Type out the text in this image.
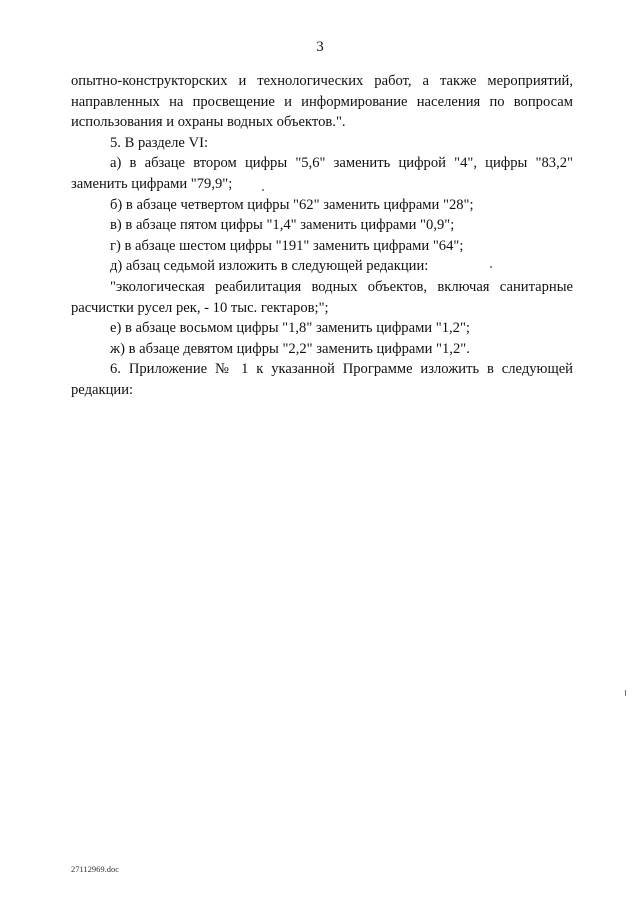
3
опытно-конструкторских и технологических работ, а также мероприятий,
направленных на просвещение и информирование населения по вопросам
использования и охраны водных объектов.".
5. В разделе VI:
а) в абзаце втором цифры "5,6" заменить цифрой "4", цифры "83,2"
заменить цифрами "79,9";
б) в абзаце четвертом цифры "62" заменить цифрами "28";
в) в абзаце пятом цифры "1,4" заменить цифрами "0,9";
г) в абзаце шестом цифры "191" заменить цифрами "64";
д) абзац седьмой изложить в следующей редакции:
"экологическая реабилитация водных объектов, включая санитарные
расчистки русел рек, - 10 тыс. гектаров;";
е) в абзаце восьмом цифры "1,8" заменить цифрами "1,2";
ж) в абзаце девятом цифры "2,2" заменить цифрами "1,2".
6. Приложение № 1 к указанной Программе изложить в следующей
редакции:
27112969.doc
